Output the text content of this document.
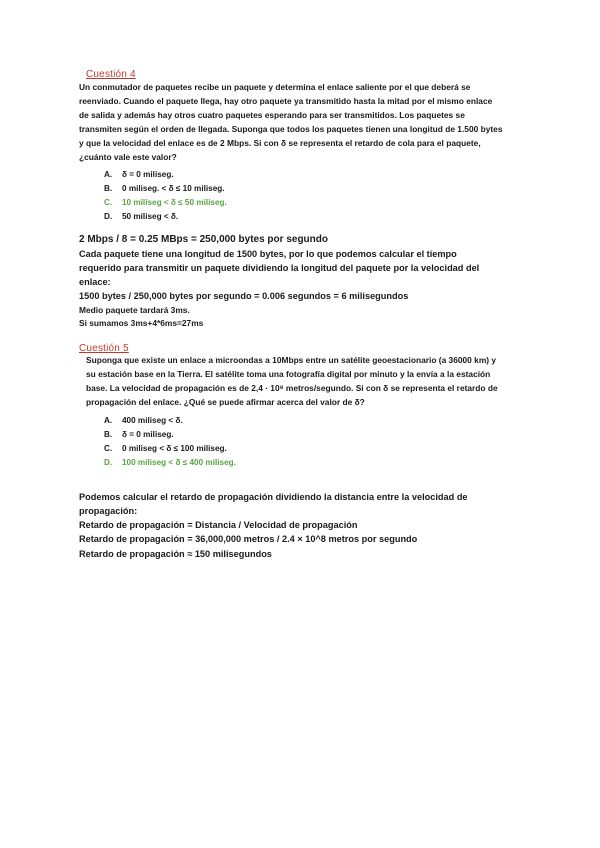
Cuestión 4
Un conmutador de paquetes recibe un paquete y determina el enlace saliente por el que deberá se
reenviado. Cuando el paquete llega, hay otro paquete ya transmitido hasta la mitad por el mismo enlace
de salida y además hay otros cuatro paquetes esperando para ser transmitidos. Los paquetes se
transmiten según el orden de llegada. Suponga que todos los paquetes tienen una longitud de 1.500 bytes
y que la velocidad del enlace es de 2 Mbps. Si con δ se representa el retardo de cola para el paquete,
¿cuánto vale este valor?
A. δ = 0 miliseg.
B. 0 miliseg. < δ ≤ 10 miliseg.
C. 10 miliseg < δ ≤ 50 miliseg.
D. 50 miliseg < δ.
2 Mbps / 8 = 0.25 MBps = 250,000 bytes por segundo
Cada paquete tiene una longitud de 1500 bytes, por lo que podemos calcular el tiempo
requerido para transmitir un paquete dividiendo la longitud del paquete por la velocidad del
enlace:
1500 bytes / 250,000 bytes por segundo = 0.006 segundos = 6 milisegundos
Medio paquete tardará 3ms.
Si sumamos 3ms+4*6ms=27ms
Cuestión 5
Suponga que existe un enlace a microondas a 10Mbps entre un satélite geoestacionario (a 36000 km) y
su estación base en la Tierra. El satélite toma una fotografía digital por minuto y la envía a la estación
base. La velocidad de propagación es de 2,4 · 10⁸ metros/segundo. Si con δ se representa el retardo de
propagación del enlace. ¿Qué se puede afirmar acerca del valor de δ?
A. 400 miliseg < δ.
B. δ = 0 miliseg.
C. 0 miliseg < δ ≤ 100 miliseg.
D. 100 miliseg < δ ≤ 400 miliseg.
Podemos calcular el retardo de propagación dividiendo la distancia entre la velocidad de
propagación:
Retardo de propagación = Distancia / Velocidad de propagación
Retardo de propagación = 36,000,000 metros / 2.4 × 10^8 metros por segundo
Retardo de propagación ≈ 150 milisegundos
